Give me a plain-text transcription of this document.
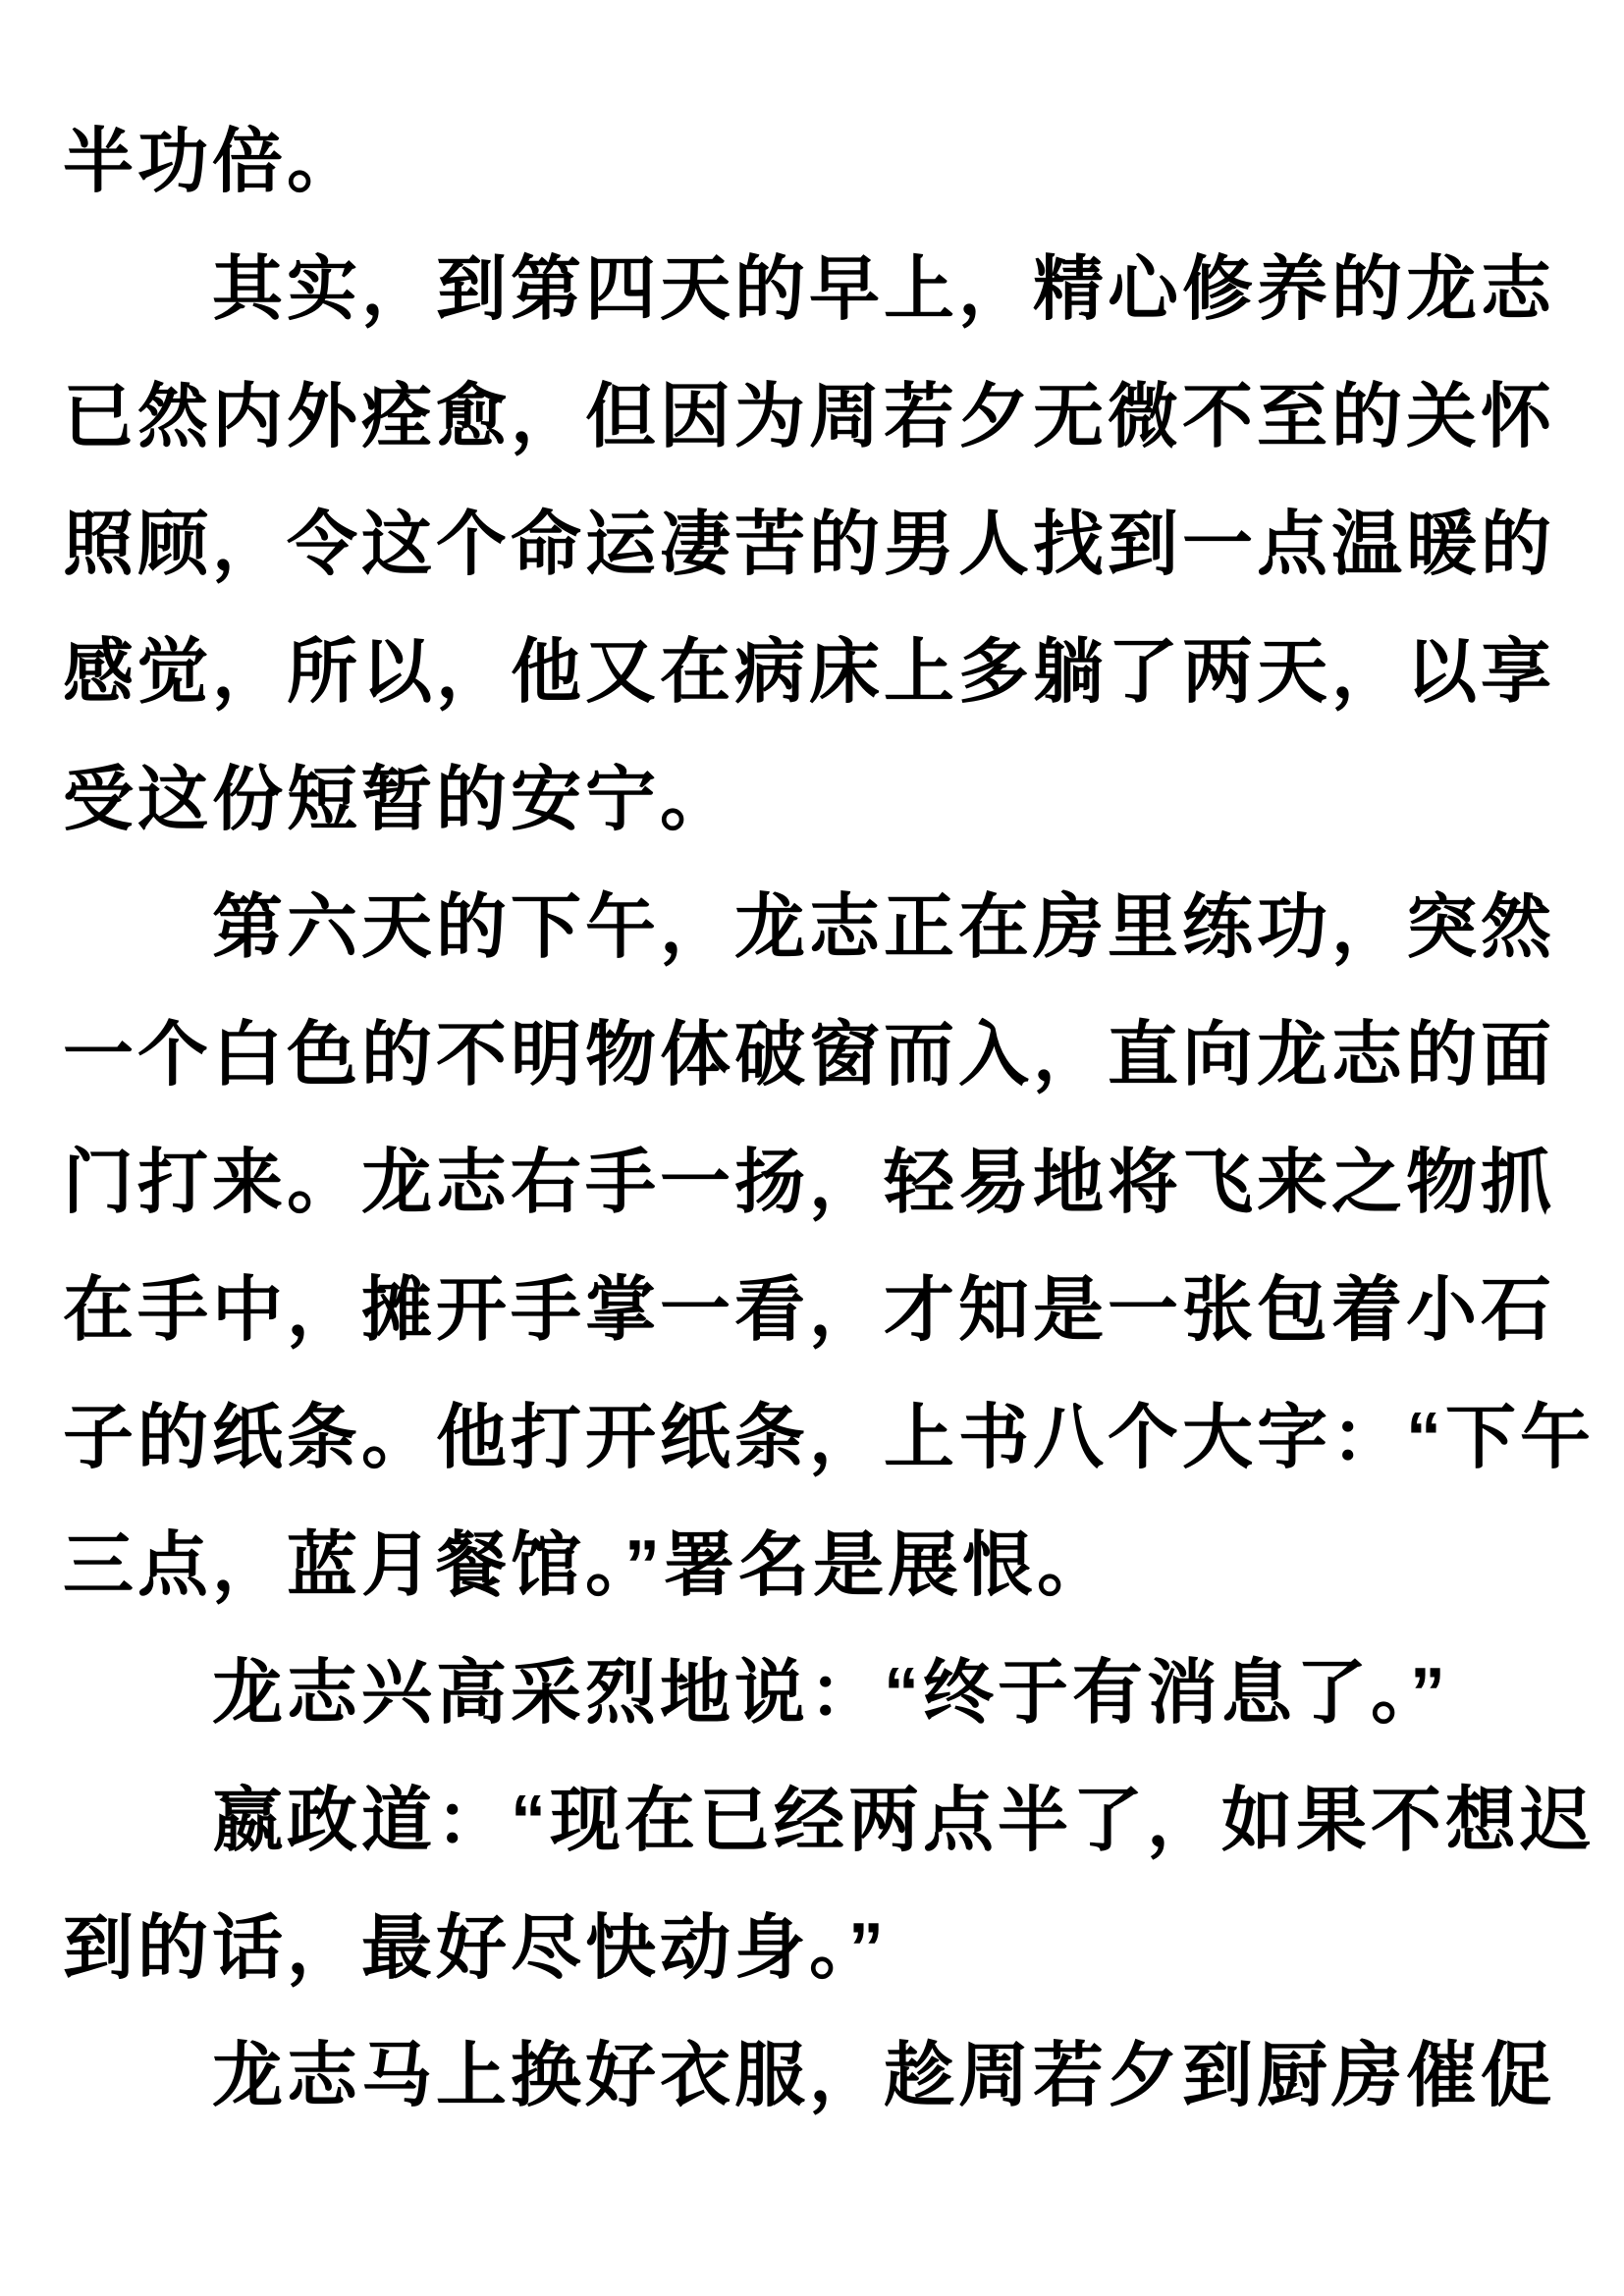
半功倍。
其实，到第四天的早上，精心修养的龙志
已然内外痊愈，但因为周若夕无微不至的关怀
照顾，令这个命运凄苦的男人找到一点温暖的
感觉，所以，他又在病床上多躺了两天，以享
受这份短暂的安宁。
第六天的下午，龙志正在房里练功，突然
一个白色的不明物体破窗而入，直向龙志的面
门打来。龙志右手一扬，轻易地将飞来之物抓
在手中，摊开手掌一看，才知是一张包着小石
子的纸条。他打开纸条，上书八个大字：“下午
三点，蓝月餐馆。”署名是展恨。
龙志兴高采烈地说：“终于有消息了。”
嬴政道：“现在已经两点半了，如果不想迟
到的话，最好尽快动身。”
龙志马上换好衣服，趁周若夕到厨房催促
